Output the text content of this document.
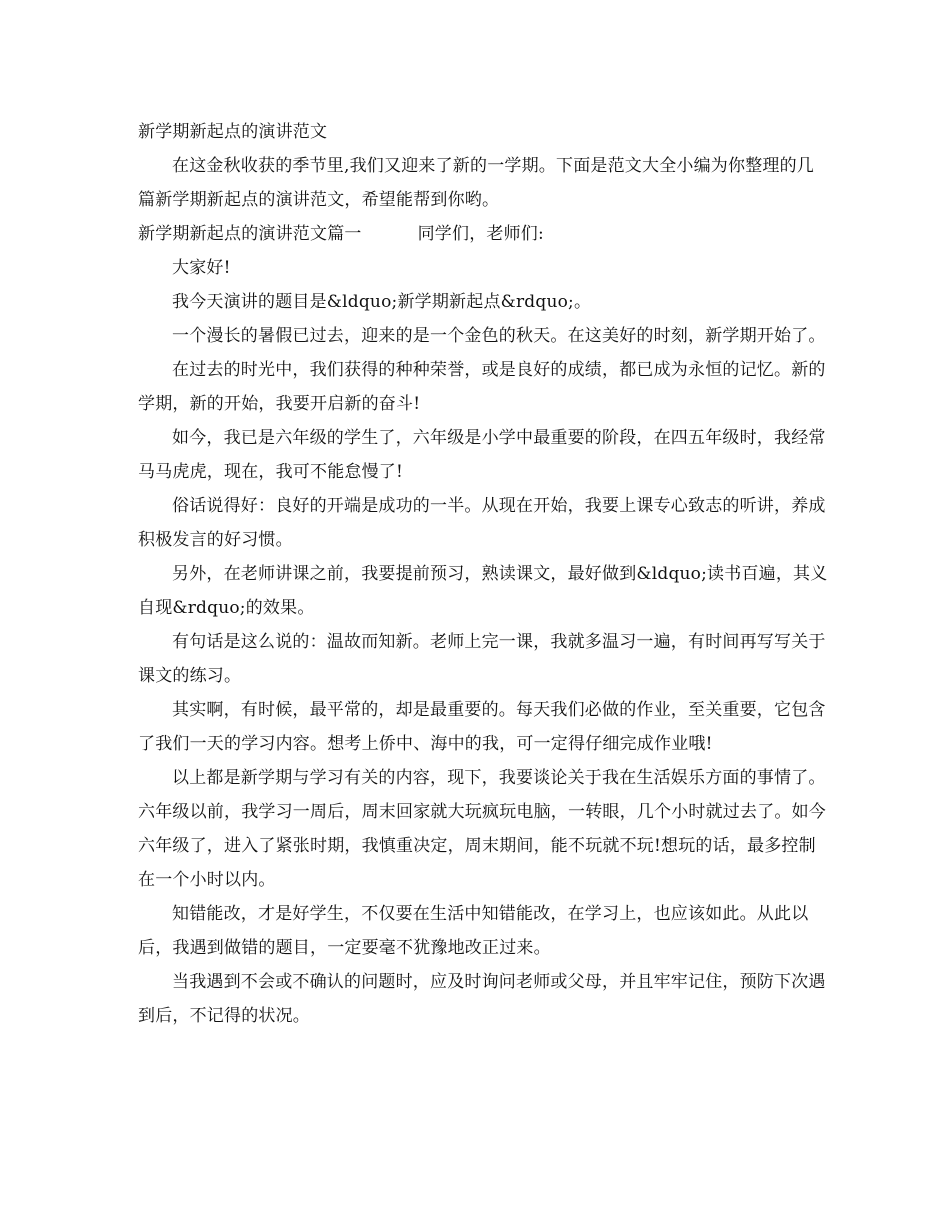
新学期新起点的演讲范文

在这金秋收获的季节里,我们又迎来了新的一学期。下面是范文大全小编为你整理的几篇新学期新起点的演讲范文，希望能帮到你哟。

新学期新起点的演讲范文篇一	同学们，老师们:

大家好!

我今天演讲的题目是&ldquo;新学期新起点&rdquo;。

一个漫长的暑假已过去，迎来的是一个金色的秋天。在这美好的时刻，新学期开始了。

在过去的时光中，我们获得的种种荣誉，或是良好的成绩，都已成为永恒的记忆。新的学期，新的开始，我要开启新的奋斗!

如今，我已是六年级的学生了，六年级是小学中最重要的阶段，在四五年级时，我经常马马虎虎，现在，我可不能怠慢了!

俗话说得好：良好的开端是成功的一半。从现在开始，我要上课专心致志的听讲，养成积极发言的好习惯。

另外，在老师讲课之前，我要提前预习，熟读课文，最好做到&ldquo;读书百遍，其义自现&rdquo;的效果。

有句话是这么说的：温故而知新。老师上完一课，我就多温习一遍，有时间再写写关于课文的练习。

其实啊，有时候，最平常的，却是最重要的。每天我们必做的作业，至关重要，它包含了我们一天的学习内容。想考上侨中、海中的我，可一定得仔细完成作业哦!

以上都是新学期与学习有关的内容，现下，我要谈论关于我在生活娱乐方面的事情了。六年级以前，我学习一周后，周末回家就大玩疯玩电脑，一转眼，几个小时就过去了。如今六年级了，进入了紧张时期，我慎重决定，周末期间，能不玩就不玩!想玩的话，最多控制在一个小时以内。

知错能改，才是好学生，不仅要在生活中知错能改，在学习上，也应该如此。从此以后，我遇到做错的题目，一定要毫不犹豫地改正过来。

当我遇到不会或不确认的问题时，应及时询问老师或父母，并且牢牢记住，预防下次遇到后，不记得的状况。
